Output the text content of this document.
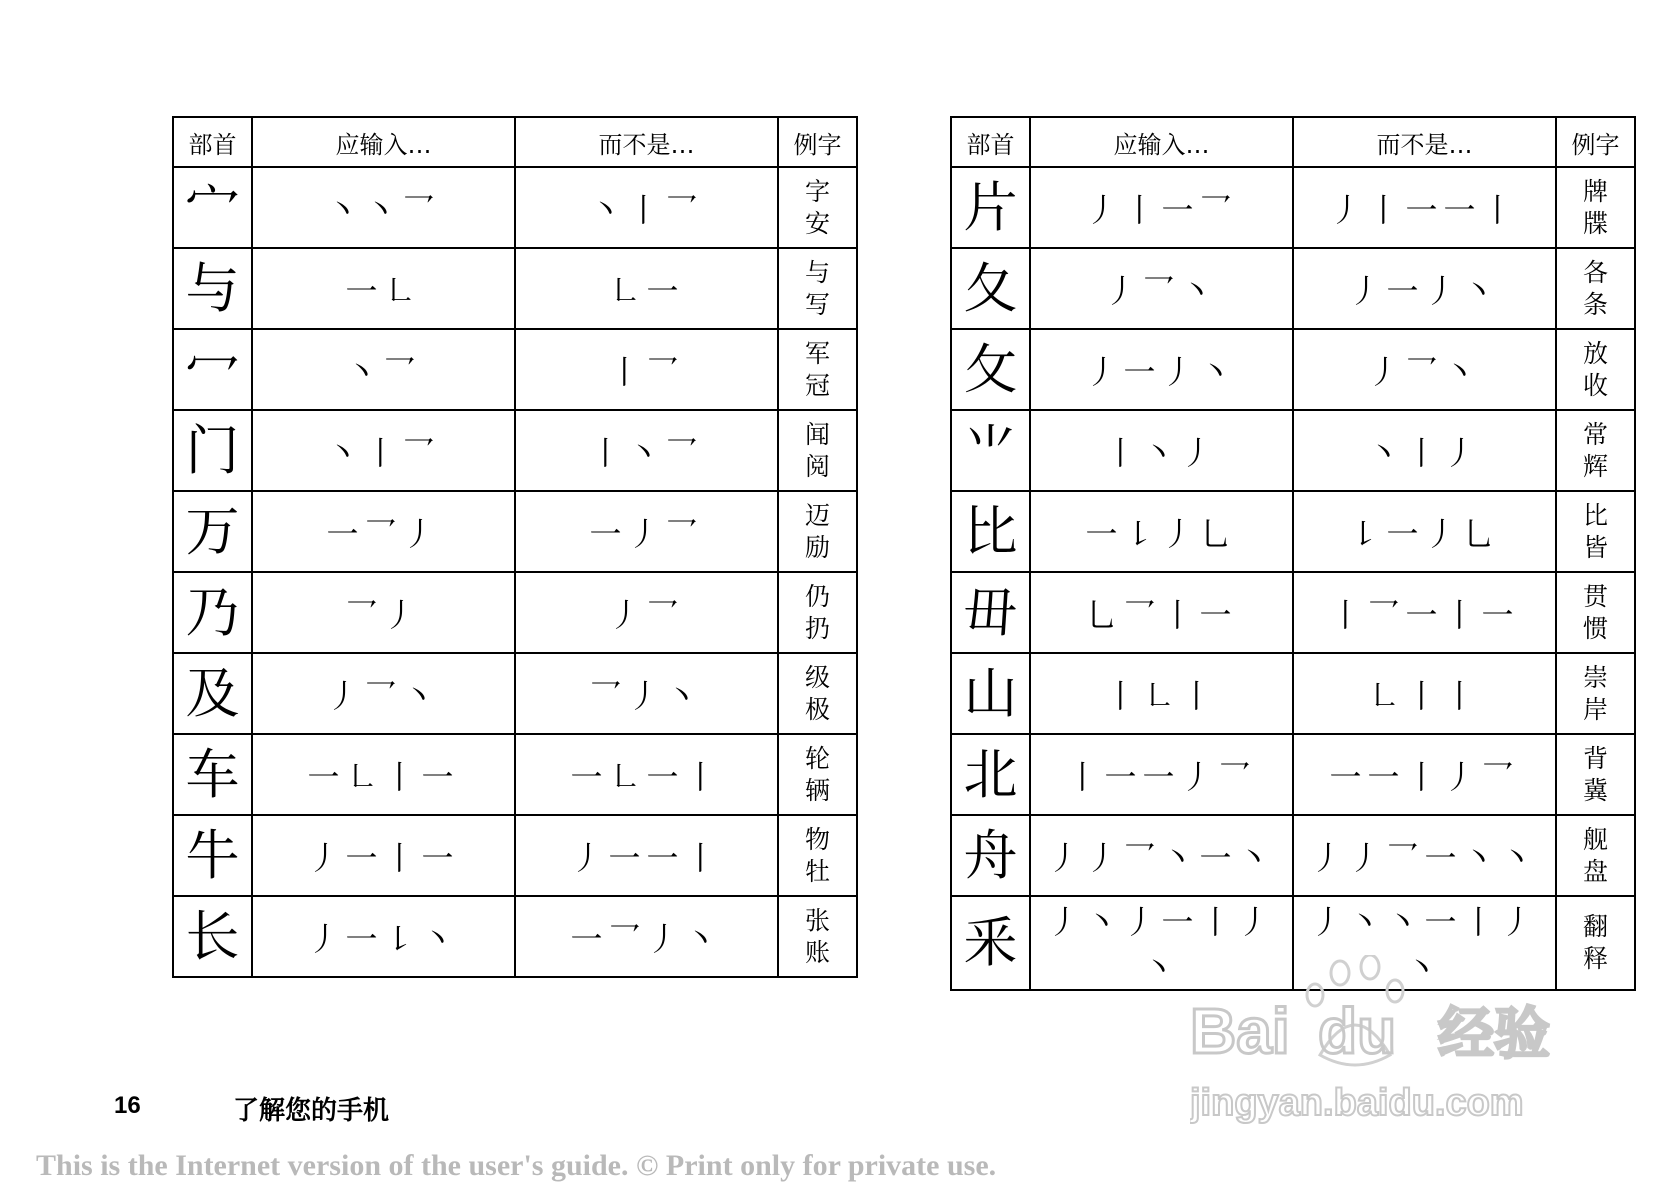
部首	应输入…	而不是…	例字
宀	丶丶乛	丶丨乛	字
安

与	一㇗	㇗一	与
写

冖	丶乛	丨乛	军
冠

门	丶丨乛	丨丶乛	闻
阅

万	一乛丿	一丿乛	迈
励

乃	乛丿	丿乛	仍
扔

及	丿乛丶	乛丿丶	级
极

车	一㇗丨一	一㇗一丨	轮
辆

牛	丿一丨一	丿一一丨	物
牡

长	丿一㇙丶	一乛丿丶	张
账
部首	应输入…	而不是…	例字
片	丿丨一乛	丿丨一一丨	牌
牒

夂	丿乛丶	丿一丿丶	各
条

攵	丿一丿丶	丿乛丶	放
收

⺌	丨丶丿	丶丨丿	常
辉

比	一㇙丿乚	㇙一丿乚	比
皆

毌	乚乛丨一	丨乛一丨一	贯
惯

山	丨㇗丨	㇗丨丨	崇
岸

北	丨一一丿乛	一一丨丿乛	背
冀

舟	丿丿乛丶一丶	丿丿乛一丶丶	舰
盘

釆	丿丶丿一丨丿丶	丿丶丶一丨丿丶	翻
释
16	了解您的手机
This is the Internet version of the user's guide. © Print only for private use.
Bai du 经验
jingyan.baidu.com
